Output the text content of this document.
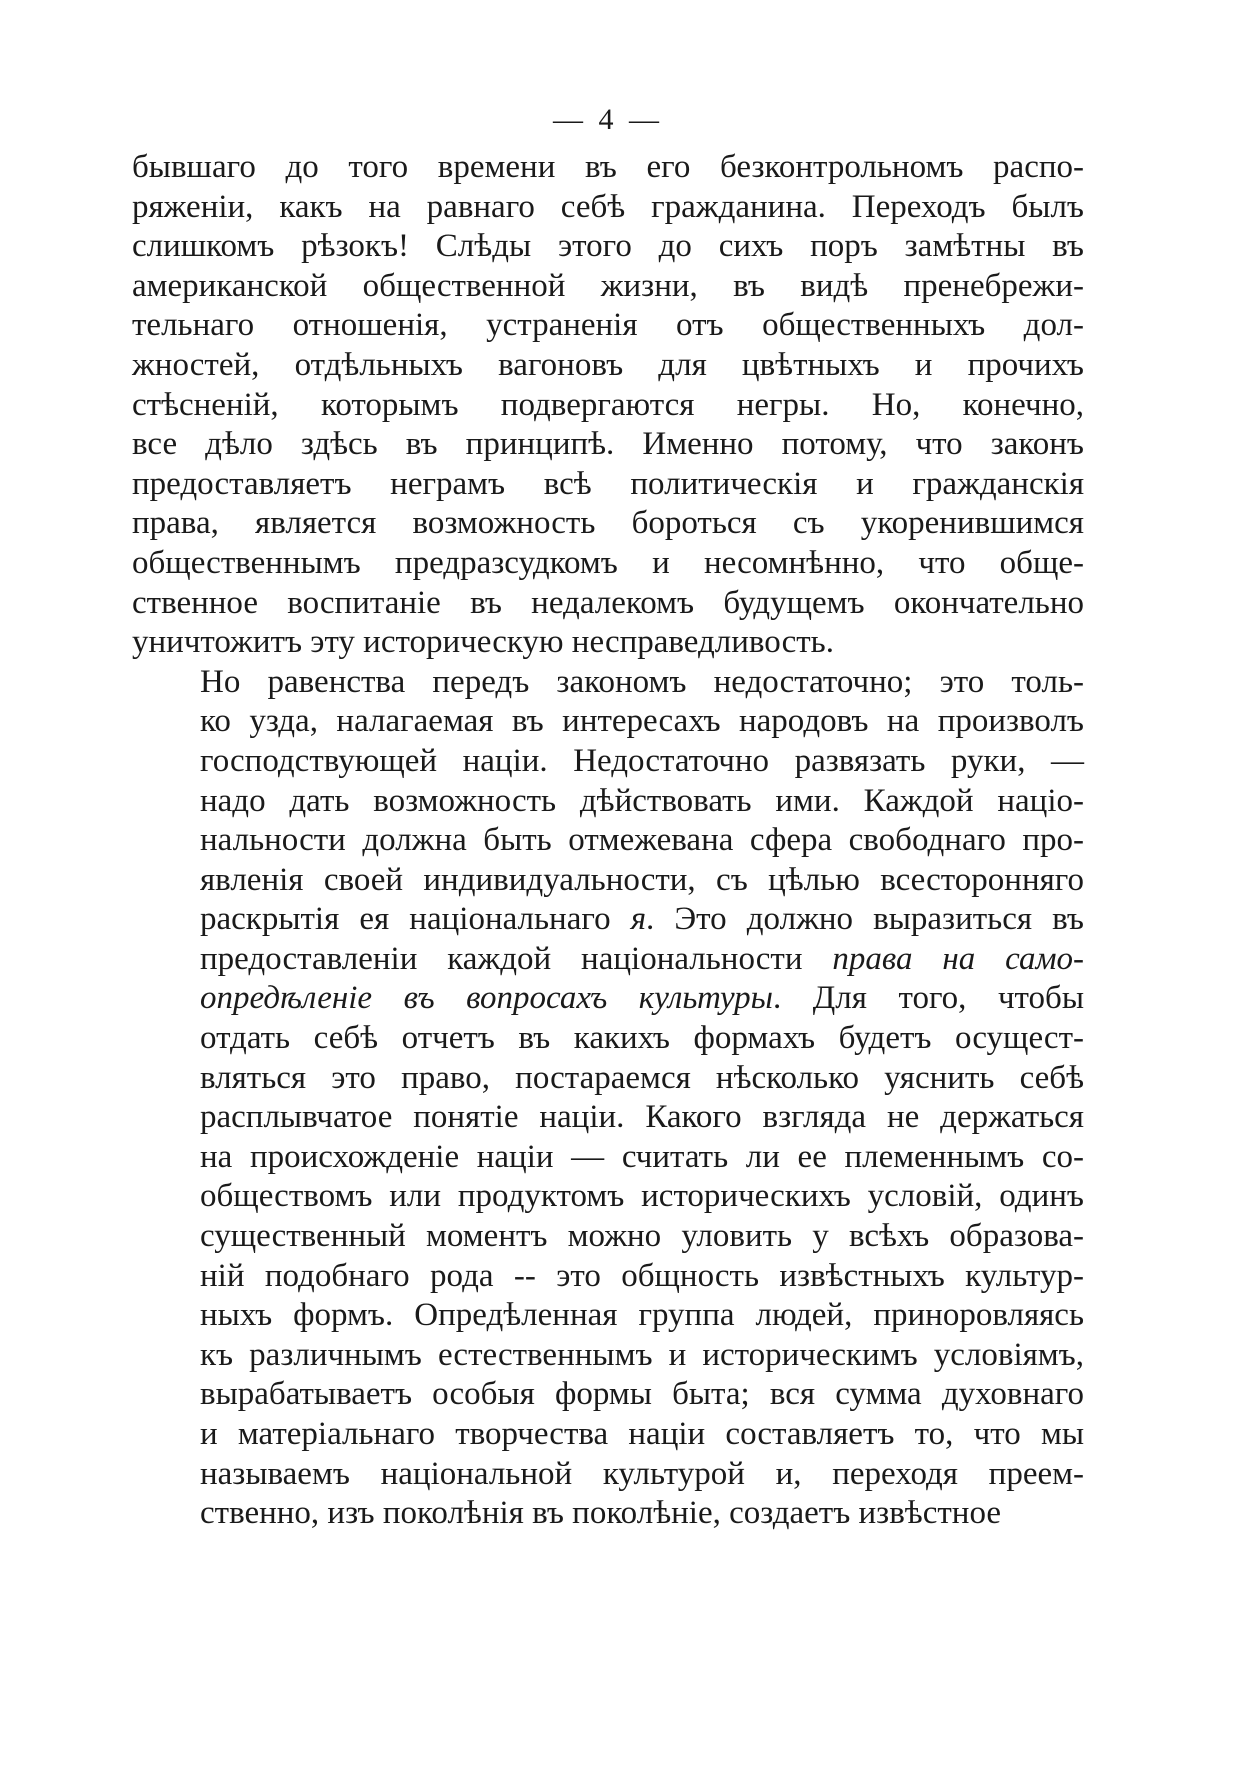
— 4 —
бывшаго до того времени въ его безконтрольномъ распо-
ряженіи, какъ на равнаго себѣ гражданина. Переходъ былъ
слишкомъ рѣзокъ! Слѣды этого до сихъ поръ замѣтны въ
американской общественной жизни, въ видѣ пренебрежи-
тельнаго отношенія, устраненія отъ общественныхъ дол-
жностей, отдѣльныхъ вагоновъ для цвѣтныхъ и прочихъ
стѣсненій, которымъ подвергаются негры. Но, конечно,
все дѣло здѣсь въ принципѣ. Именно потому, что законъ
предоставляетъ неграмъ всѣ политическія и гражданскія
права, является возможность бороться съ укоренившимся
общественнымъ предразсудкомъ и несомнѣнно, что обще-
ственное воспитаніе въ недалекомъ будущемъ окончательно
уничтожитъ эту историческую несправедливость.
Но равенства передъ закономъ недостаточно; это толь-
ко узда, налагаемая въ интересахъ народовъ на произволъ
господствующей націи. Недостаточно развязать руки, —
надо дать возможность дѣйствовать ими. Каждой націо-
нальности должна быть отмежевана сфера свободнаго про-
явленія своей индивидуальности, съ цѣлью всесторонняго
раскрытія ея національнаго я. Это должно выразиться въ
предоставленіи каждой національности права на само-
опредѣленіе въ вопросахъ культуры. Для того, чтобы
отдать себѣ отчетъ въ какихъ формахъ будетъ осущест-
вляться это право, постараемся нѣсколько уяснить себѣ
расплывчатое понятіе націи. Какого взгляда не держаться
на происхожденіе націи — считать ли ее племеннымъ со-
обществомъ или продуктомъ историческихъ условій, одинъ
существенный моментъ можно уловить у всѣхъ образова-
ній подобнаго рода -- это общность извѣстныхъ культур-
ныхъ формъ. Опредѣленная группа людей, приноровляясь
къ различнымъ естественнымъ и историческимъ условіямъ,
вырабатываетъ особыя формы быта; вся сумма духовнаго
и матеріальнаго творчества націи составляетъ то, что мы
называемъ національной культурой и, переходя преем-
ственно, изъ поколѣнія въ поколѣніе, создаетъ извѣстное
